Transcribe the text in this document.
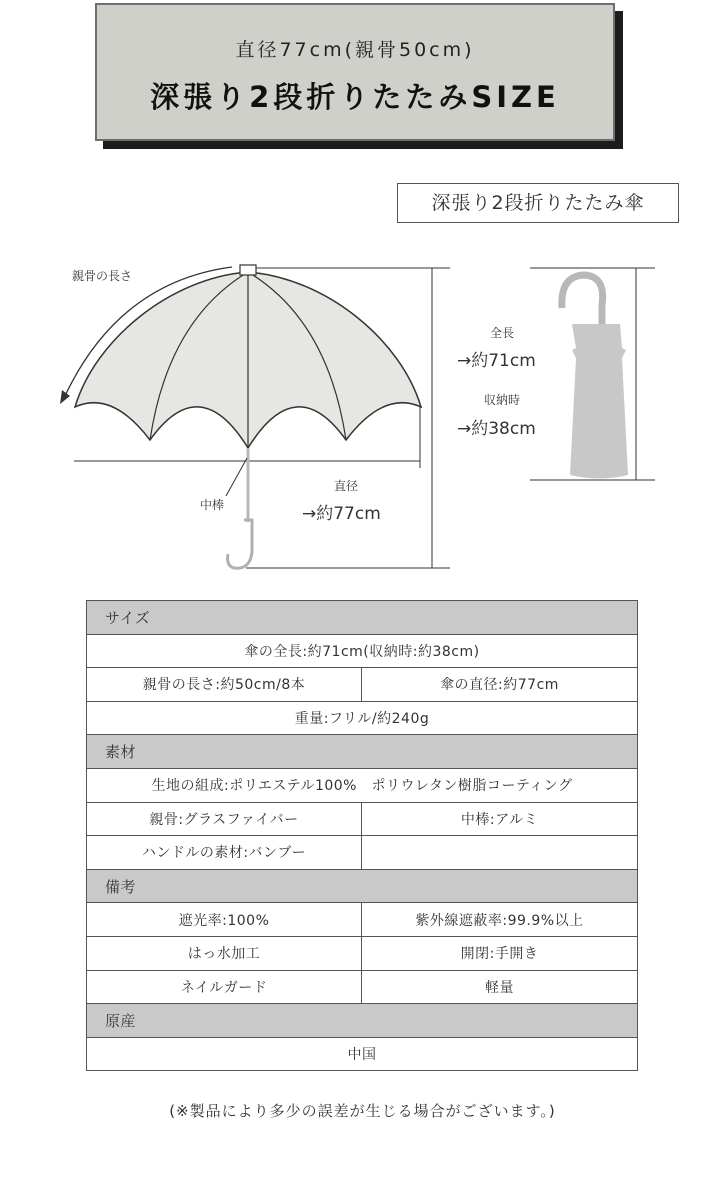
直径77cm(親骨50cm)
深張り2段折りたたみSIZE
深張り2段折りたたみ傘
親骨の長さ
中棒
直径
→約77cm
全長
→約71cm
収納時
→約38cm
サイズ	
傘の全長:約71cm(収納時:約38cm)	
親骨の長さ:約50cm/8本	傘の直径:約77cm
重量:フリル/約240g	
素材	
生地の組成:ポリエステル100%　ポリウレタン樹脂コーティング	
親骨:グラスファイバー	中棒:アルミ
ハンドルの素材:バンブー	
備考	
遮光率:100%	紫外線遮蔽率:99.9%以上
はっ水加工	開閉:手開き
ネイルガード	軽量
原産	
中国	
(※製品により多少の誤差が生じる場合がございます。)
